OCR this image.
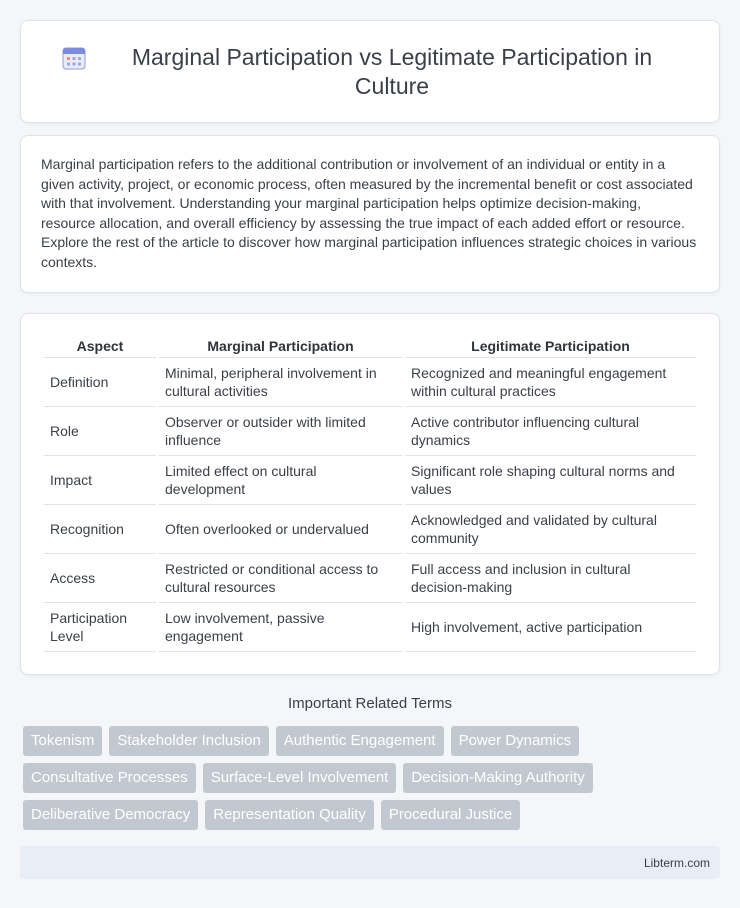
Marginal Participation vs Legitimate Participation in Culture

Marginal participation refers to the additional contribution or involvement of an individual or entity in a given activity, project, or economic process, often measured by the incremental benefit or cost associated with that involvement. Understanding your marginal participation helps optimize decision-making, resource allocation, and overall efficiency by assessing the true impact of each added effort or resource. Explore the rest of the article to discover how marginal participation influences strategic choices in various contexts.

Aspect	Marginal Participation	Legitimate Participation
Definition	Minimal, peripheral involvement in cultural activities	Recognized and meaningful engagement within cultural practices
Role	Observer or outsider with limited influence	Active contributor influencing cultural dynamics
Impact	Limited effect on cultural development	Significant role shaping cultural norms and values
Recognition	Often overlooked or undervalued	Acknowledged and validated by cultural community
Access	Restricted or conditional access to cultural resources	Full access and inclusion in cultural decision-making
Participation Level	Low involvement, passive engagement	High involvement, active participation
Important Related Terms
Tokenism	Stakeholder Inclusion	Authentic Engagement	Power Dynamics
Consultative Processes	Surface-Level Involvement	Decision-Making Authority
Deliberative Democracy	Representation Quality	Procedural Justice
Libterm.com
